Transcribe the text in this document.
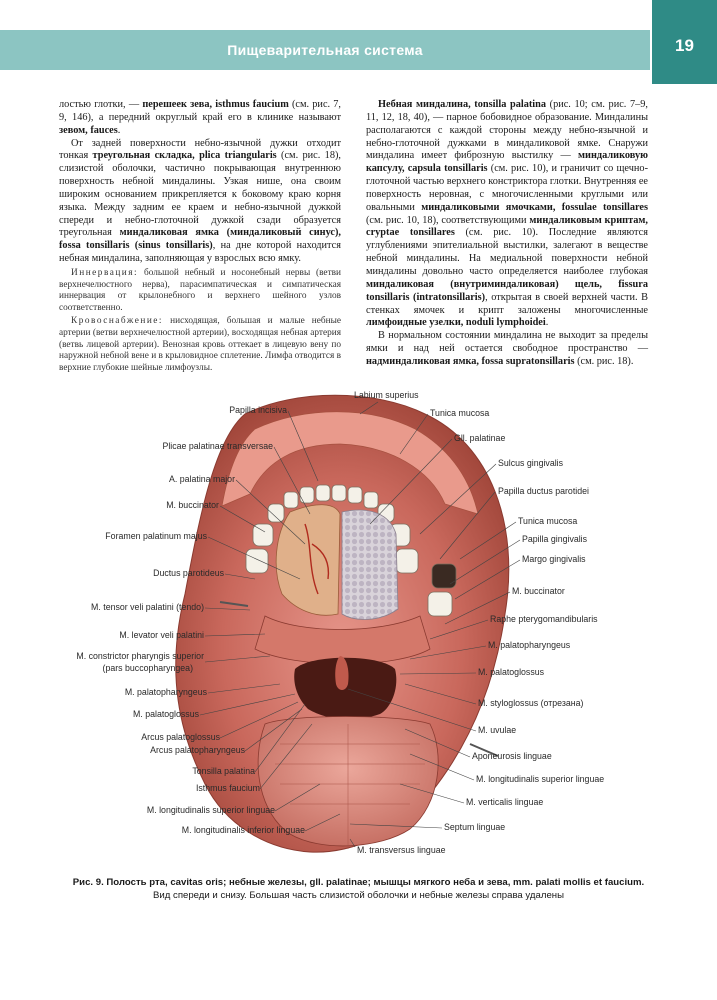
Пищеварительная система	19

лостью глотки, — перешеек зева, isthmus faucium (см. рис. 7, 9, 146), а передний округлый край его в клинике называют зевом, fauces.

От задней поверхности небно-язычной дужки отходит тонкая треугольная складка, plica triangularis (см. рис. 18), слизистой оболочки, частично покрывающая внутреннюю поверхность небной миндалины. Узкая нише, она своим широким основанием прикрепляется к боковому краю корня языка. Между задним ее краем и небно-язычной дужкой спереди и небно-глоточной дужкой сзади образуется треугольная миндаликовая ямка (миндаликовый синус), fossa tonsillaris (sinus tonsillaris), на дне которой находится небная миндалина, заполняющая у взрослых всю ямку.

Иннервация: большой небный и носонебный нервы (ветви верхнечелюстного нерва), парасимпатическая и симпатическая иннервация от крылонебного и верхнего шейного узлов соответственно.

Кровоснабжение: нисходящая, большая и малые небные артерии (ветви верхнечелюстной артерии), восходящая небная артерия (ветвь лицевой артерии). Венозная кровь оттекает в лицевую вену по наружной небной вене и в крыловидное сплетение. Лимфа отводится в верхние глубокие шейные лимфоузлы.

Небная миндалина, tonsilla palatina (рис. 10; см. рис. 7–9, 11, 12, 18, 40), — парное бобовидное образование. Миндалины располагаются с каждой стороны между небно-язычной и небно-глоточной дужками в миндаликовой ямке. Снаружи миндалина имеет фиброзную выстилку — миндаликовую капсулу, capsula tonsillaris (см. рис. 10), и граничит со щечно-глоточной частью верхнего констриктора глотки. Внутренняя ее поверхность неровная, с многочисленными круглыми или овальными миндаликовыми ямочками, fossulae tonsillares (см. рис. 10, 18), соответствующими миндаликовым криптам, cryptae tonsillares (см. рис. 10). Последние являются углублениями эпителиальной выстилки, залегают в веществе небной миндалины. На медиальной поверхности небной миндалины довольно часто определяется наиболее глубокая миндаликовая (внутриминдаликовая) щель, fissura tonsillaris (intratonsillaris), открытая в своей верхней части. В стенках ямочек и крипт заложены многочисленные лимфоидные узелки, noduli lymphoidei.

В нормальном состоянии миндалина не выходит за пределы ямки и над ней остается свободное пространство — надминдаликовая ямка, fossa supratonsillaris (см. рис. 18).

Papilla incisiva
Plicae palatinae transversae
A. palatina major
M. buccinator
Foramen palatinum majus
Ductus parotideus
M. tensor veli palatini (tendo)
M. levator veli palatini
M. constrictor pharyngis superior
(pars buccopharyngea)
M. palatopharyngeus
M. palatoglossus
Arcus palatoglossus
Arcus palatopharyngeus
Tonsilla palatina
Isthmus faucium
M. longitudinalis superior linguae
M. longitudinalis inferior linguae
Labium superius
Tunica mucosa
Gll. palatinae
Sulcus gingivalis
Papilla ductus parotidei
Tunica mucosa
Papilla gingivalis
Margo gingivalis
M. buccinator
Raphe pterygomandibularis
M. palatopharyngeus
M. palatoglossus
M. styloglossus (отрезана)
M. uvulae
Aponeurosis linguae
M. longitudinalis superior linguae
M. verticalis linguae
Septum linguae
M. transversus linguae
Рис. 9. Полость рта, cavitas oris; небные железы, gll. palatinae; мышцы мягкого неба и зева, mm. palati mollis et faucium.
Вид спереди и снизу. Большая часть слизистой оболочки и небные железы справа удалены
